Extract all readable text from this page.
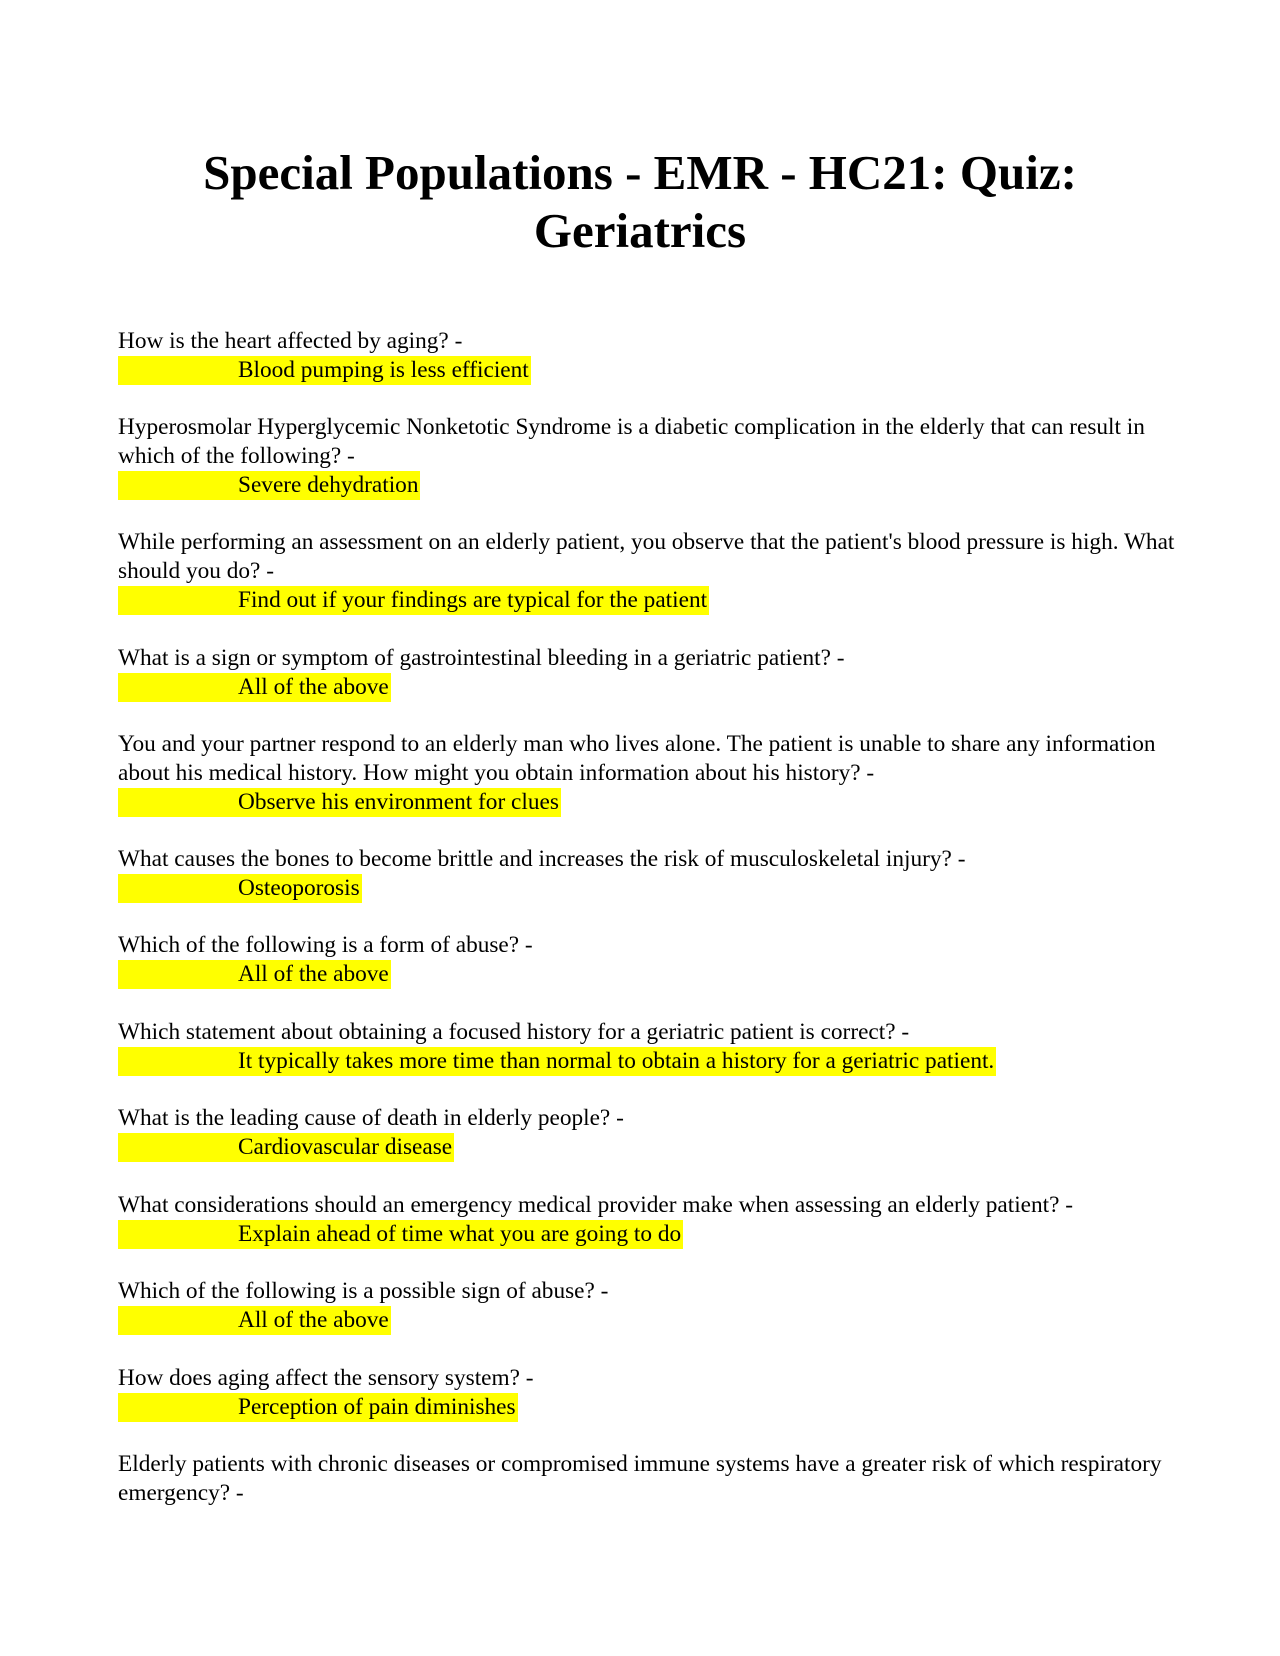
Special Populations - EMR - HC21: Quiz:
Geriatrics

How is the heart affected by aging? -

Blood pumping is less efficient

Hyperosmolar Hyperglycemic Nonketotic Syndrome is a diabetic complication in the elderly that can result in which of the following? -

Severe dehydration

While performing an assessment on an elderly patient, you observe that the patient's blood pressure is high. What should you do? -

Find out if your findings are typical for the patient

What is a sign or symptom of gastrointestinal bleeding in a geriatric patient? -

All of the above

You and your partner respond to an elderly man who lives alone. The patient is unable to share any information about his medical history. How might you obtain information about his history? -

Observe his environment for clues

What causes the bones to become brittle and increases the risk of musculoskeletal injury? -

Osteoporosis

Which of the following is a form of abuse? -

All of the above

Which statement about obtaining a focused history for a geriatric patient is correct? -

It typically takes more time than normal to obtain a history for a geriatric patient.

What is the leading cause of death in elderly people? -

Cardiovascular disease

What considerations should an emergency medical provider make when assessing an elderly patient? -

Explain ahead of time what you are going to do

Which of the following is a possible sign of abuse? -

All of the above

How does aging affect the sensory system? -

Perception of pain diminishes

Elderly patients with chronic diseases or compromised immune systems have a greater risk of which respiratory emergency? -
